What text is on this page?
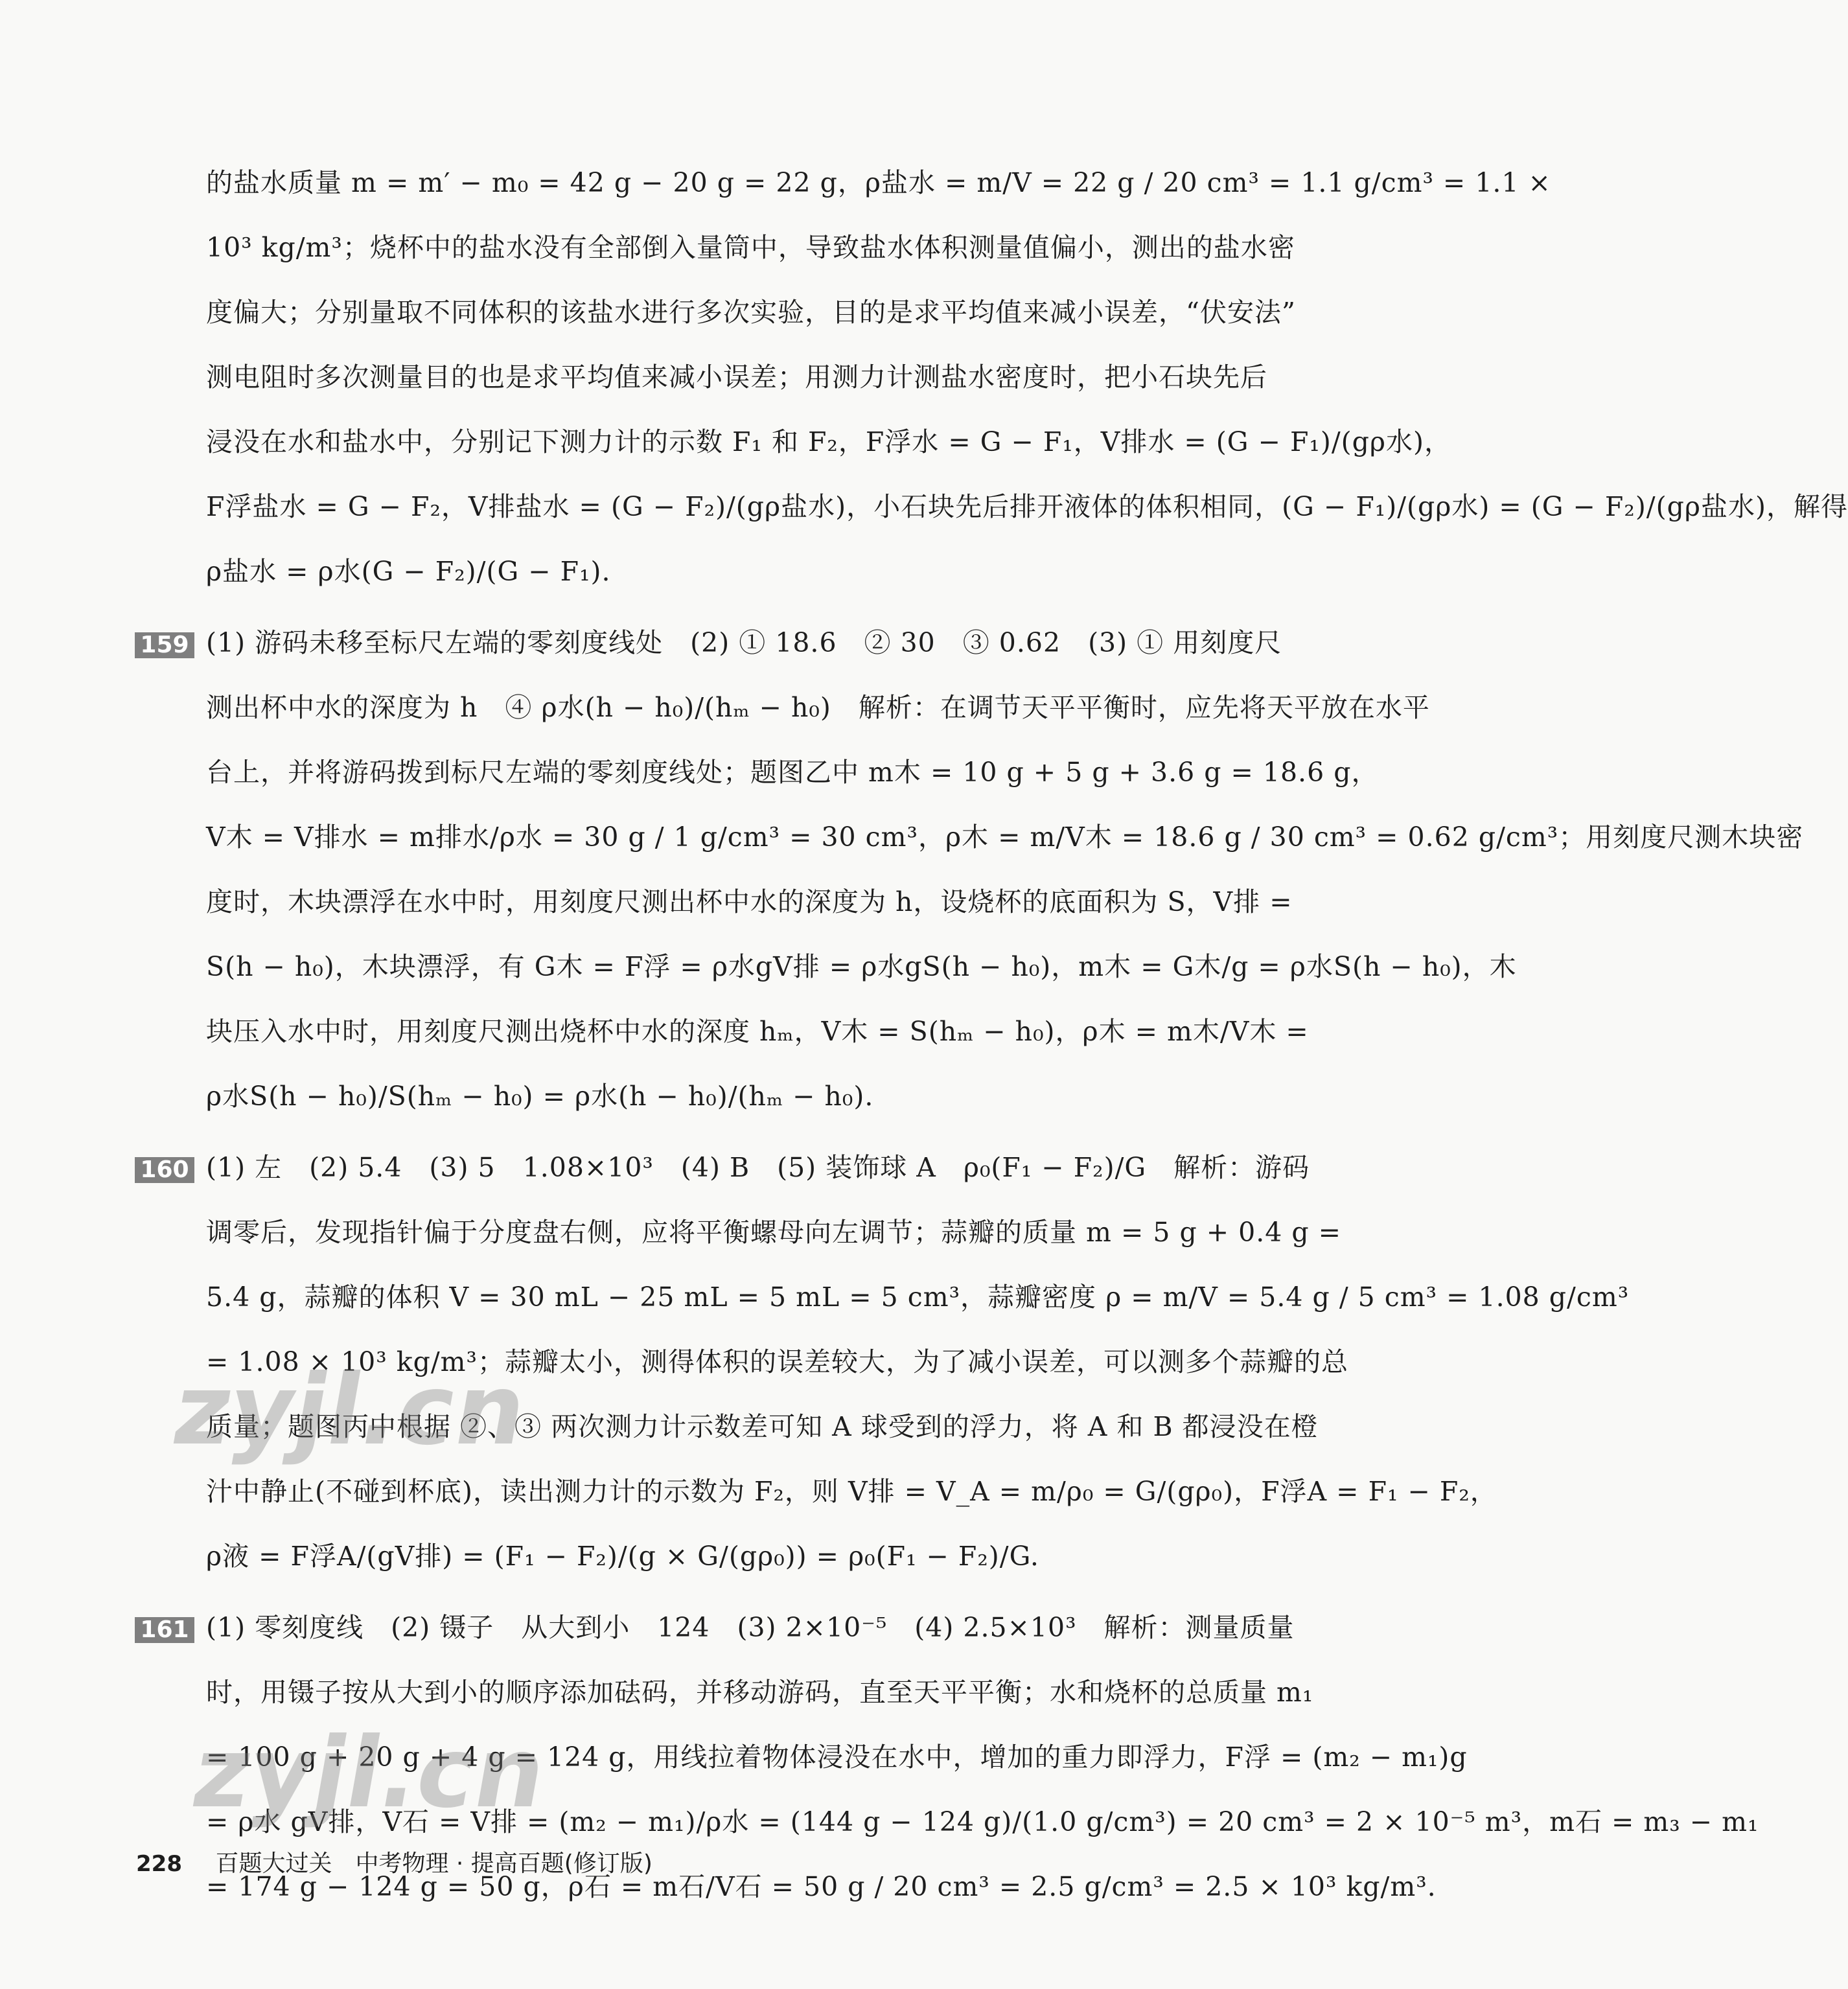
的盐水质量 m = m′ − m₀ = 42 g − 20 g = 22 g，ρ盐水 = m/V = 22 g / 20 cm³ = 1.1 g/cm³ = 1.1 ×
10³ kg/m³；烧杯中的盐水没有全部倒入量筒中，导致盐水体积测量值偏小，测出的盐水密
度偏大；分别量取不同体积的该盐水进行多次实验，目的是求平均值来减小误差，“伏安法”
测电阻时多次测量目的也是求平均值来减小误差；用测力计测盐水密度时，把小石块先后
浸没在水和盐水中，分别记下测力计的示数 F₁ 和 F₂，F浮水 = G − F₁，V排水 = (G − F₁)/(gρ水)，
F浮盐水 = G − F₂，V排盐水 = (G − F₂)/(gρ盐水)，小石块先后排开液体的体积相同，(G − F₁)/(gρ水) = (G − F₂)/(gρ盐水)，解得
ρ盐水 = ρ水(G − F₂)/(G − F₁).
159 (1) 游码未移至标尺左端的零刻度线处　(2) ① 18.6　② 30　③ 0.62　(3) ① 用刻度尺
测出杯中水的深度为 h　④ ρ水(h − h₀)/(hₘ − h₀)　解析：在调节天平平衡时，应先将天平放在水平
台上，并将游码拨到标尺左端的零刻度线处；题图乙中 m木 = 10 g + 5 g + 3.6 g = 18.6 g，
V木 = V排水 = m排水/ρ水 = 30 g / 1 g/cm³ = 30 cm³，ρ木 = m/V木 = 18.6 g / 30 cm³ = 0.62 g/cm³；用刻度尺测木块密
度时，木块漂浮在水中时，用刻度尺测出杯中水的深度为 h，设烧杯的底面积为 S，V排 =
S(h − h₀)，木块漂浮，有 G木 = F浮 = ρ水gV排 = ρ水gS(h − h₀)，m木 = G木/g = ρ水S(h − h₀)，木
块压入水中时，用刻度尺测出烧杯中水的深度 hₘ，V木 = S(hₘ − h₀)，ρ木 = m木/V木 =
ρ水S(h − h₀)/S(hₘ − h₀) = ρ水(h − h₀)/(hₘ − h₀).
160 (1) 左　(2) 5.4　(3) 5　1.08×10³　(4) B　(5) 装饰球 A　ρ₀(F₁ − F₂)/G　解析：游码
调零后，发现指针偏于分度盘右侧，应将平衡螺母向左调节；蒜瓣的质量 m = 5 g + 0.4 g =
5.4 g，蒜瓣的体积 V = 30 mL − 25 mL = 5 mL = 5 cm³，蒜瓣密度 ρ = m/V = 5.4 g / 5 cm³ = 1.08 g/cm³
= 1.08 × 10³ kg/m³；蒜瓣太小，测得体积的误差较大，为了减小误差，可以测多个蒜瓣的总
质量；题图丙中根据 ②、③ 两次测力计示数差可知 A 球受到的浮力，将 A 和 B 都浸没在橙
汁中静止(不碰到杯底)，读出测力计的示数为 F₂，则 V排 = V_A = m/ρ₀ = G/(gρ₀)，F浮A = F₁ − F₂，
ρ液 = F浮A/(gV排) = (F₁ − F₂)/(g × G/(gρ₀)) = ρ₀(F₁ − F₂)/G.
161 (1) 零刻度线　(2) 镊子　从大到小　124　(3) 2×10⁻⁵　(4) 2.5×10³　解析：测量质量
时，用镊子按从大到小的顺序添加砝码，并移动游码，直至天平平衡；水和烧杯的总质量 m₁
= 100 g + 20 g + 4 g = 124 g，用线拉着物体浸没在水中，增加的重力即浮力，F浮 = (m₂ − m₁)g
= ρ水 gV排，V石 = V排 = (m₂ − m₁)/ρ水 = (144 g − 124 g)/(1.0 g/cm³) = 20 cm³ = 2 × 10⁻⁵ m³，m石 = m₃ − m₁
= 174 g − 124 g = 50 g，ρ石 = m石/V石 = 50 g / 20 cm³ = 2.5 g/cm³ = 2.5 × 10³ kg/m³.
zyjl.cn
zyjl.cn
228 百题大过关　中考物理 · 提高百题(修订版)
